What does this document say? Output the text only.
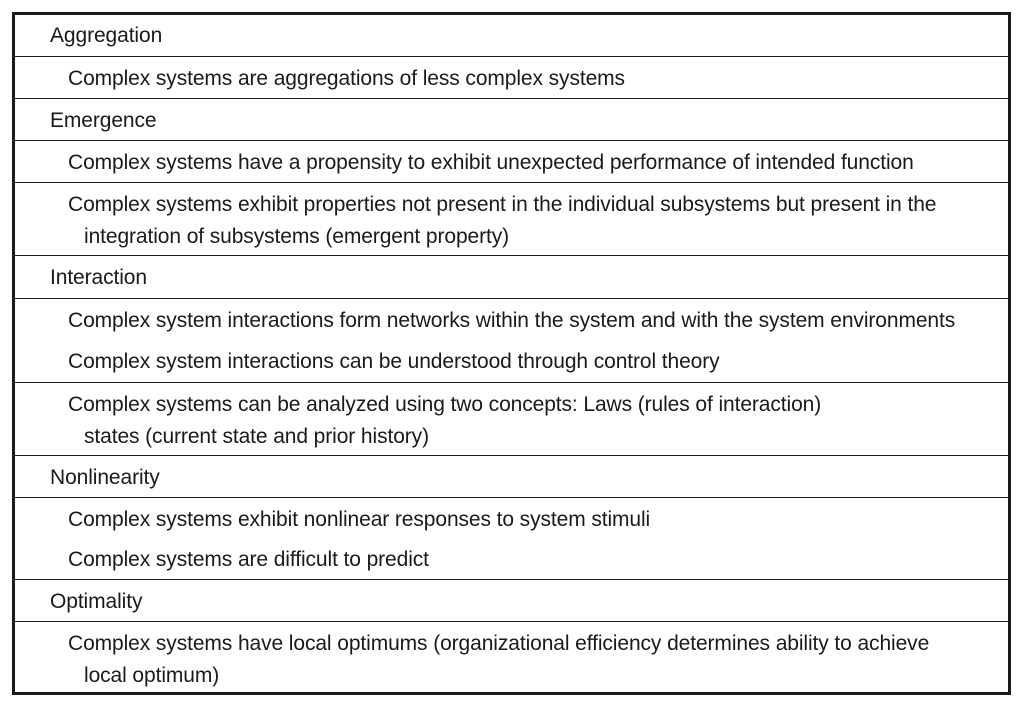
Aggregation
Complex systems are aggregations of less complex systems
Emergence
Complex systems have a propensity to exhibit unexpected performance of intended function
Complex systems exhibit properties not present in the individual subsystems but present in the
integration of subsystems (emergent property)
Interaction
Complex system interactions form networks within the system and with the system environments
Complex system interactions can be understood through control theory
Complex systems can be analyzed using two concepts: Laws (rules of interaction)
states (current state and prior history)
Nonlinearity
Complex systems exhibit nonlinear responses to system stimuli
Complex systems are difficult to predict
Optimality
Complex systems have local optimums (organizational efficiency determines ability to achieve
local optimum)
